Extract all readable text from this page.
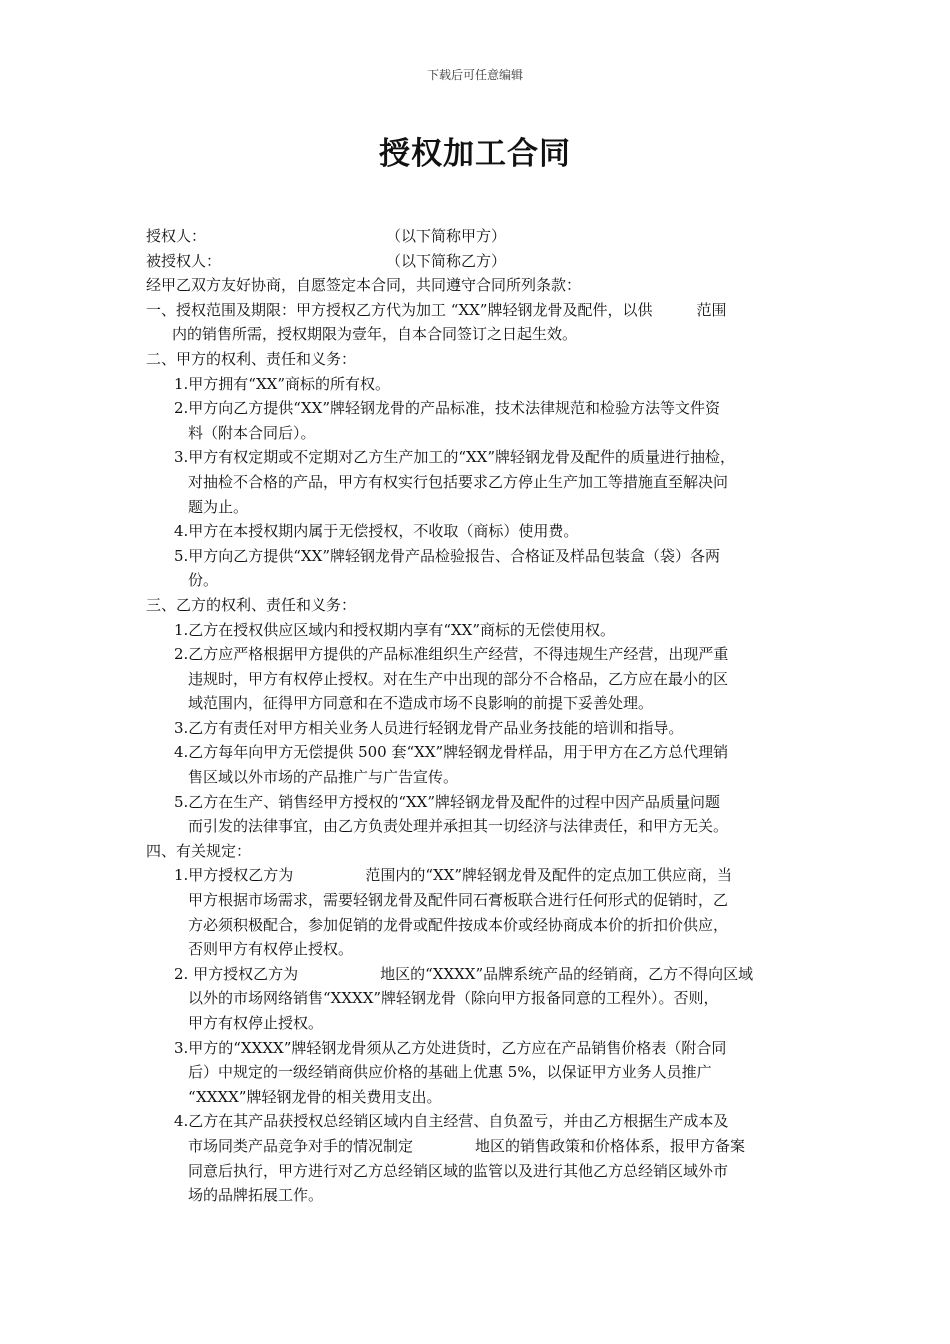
下载后可任意编辑
授权加工合同
授权人：	（以下简称甲方）
被授权人：	（以下简称乙方）
经甲乙双方友好协商，自愿签定本合同，共同遵守合同所列条款：
一、授权范围及期限：甲方授权乙方代为加工 “XX”牌轻钢龙骨及配件，以供	范围
内的销售所需，授权期限为壹年，自本合同签订之日起生效。
二、甲方的权利、责任和义务：
1.甲方拥有“XX”商标的所有权。
2.甲方向乙方提供“XX”牌轻钢龙骨的产品标准，技术法律规范和检验方法等文件资
料（附本合同后）。
3.甲方有权定期或不定期对乙方生产加工的“XX”牌轻钢龙骨及配件的质量进行抽检，
对抽检不合格的产品，甲方有权实行包括要求乙方停止生产加工等措施直至解决问
题为止。
4.甲方在本授权期内属于无偿授权，不收取（商标）使用费。
5.甲方向乙方提供“XX”牌轻钢龙骨产品检验报告、合格证及样品包装盒（袋）各两
份。
三、乙方的权利、责任和义务：
1.乙方在授权供应区域内和授权期内享有“XX”商标的无偿使用权。
2.乙方应严格根据甲方提供的产品标准组织生产经营，不得违规生产经营，出现严重
违规时，甲方有权停止授权。对在生产中出现的部分不合格品，乙方应在最小的区
域范围内，征得甲方同意和在不造成市场不良影响的前提下妥善处理。
3.乙方有责任对甲方相关业务人员进行轻钢龙骨产品业务技能的培训和指导。
4.乙方每年向甲方无偿提供 500 套“XX”牌轻钢龙骨样品，用于甲方在乙方总代理销
售区域以外市场的产品推广与广告宣传。
5.乙方在生产、销售经甲方授权的“XX”牌轻钢龙骨及配件的过程中因产品质量问题
而引发的法律事宜，由乙方负责处理并承担其一切经济与法律责任，和甲方无关。
四、有关规定：
1.甲方授权乙方为	范围内的“XX”牌轻钢龙骨及配件的定点加工供应商，当
甲方根据市场需求，需要轻钢龙骨及配件同石膏板联合进行任何形式的促销时，乙
方必须积极配合，参加促销的龙骨或配件按成本价或经协商成本价的折扣价供应，
否则甲方有权停止授权。
2. 甲方授权乙方为	地区的“XXXX”品牌系统产品的经销商，乙方不得向区域
以外的市场网络销售“XXXX”牌轻钢龙骨（除向甲方报备同意的工程外）。否则，
甲方有权停止授权。
3.甲方的“XXXX”牌轻钢龙骨须从乙方处进货时，乙方应在产品销售价格表（附合同
后）中规定的一级经销商供应价格的基础上优惠 5%，以保证甲方业务人员推广
“XXXX”牌轻钢龙骨的相关费用支出。
4.乙方在其产品获授权总经销区域内自主经营、自负盈亏，并由乙方根据生产成本及
市场同类产品竞争对手的情况制定	地区的销售政策和价格体系，报甲方备案
同意后执行，甲方进行对乙方总经销区域的监管以及进行其他乙方总经销区域外市
场的品牌拓展工作。
